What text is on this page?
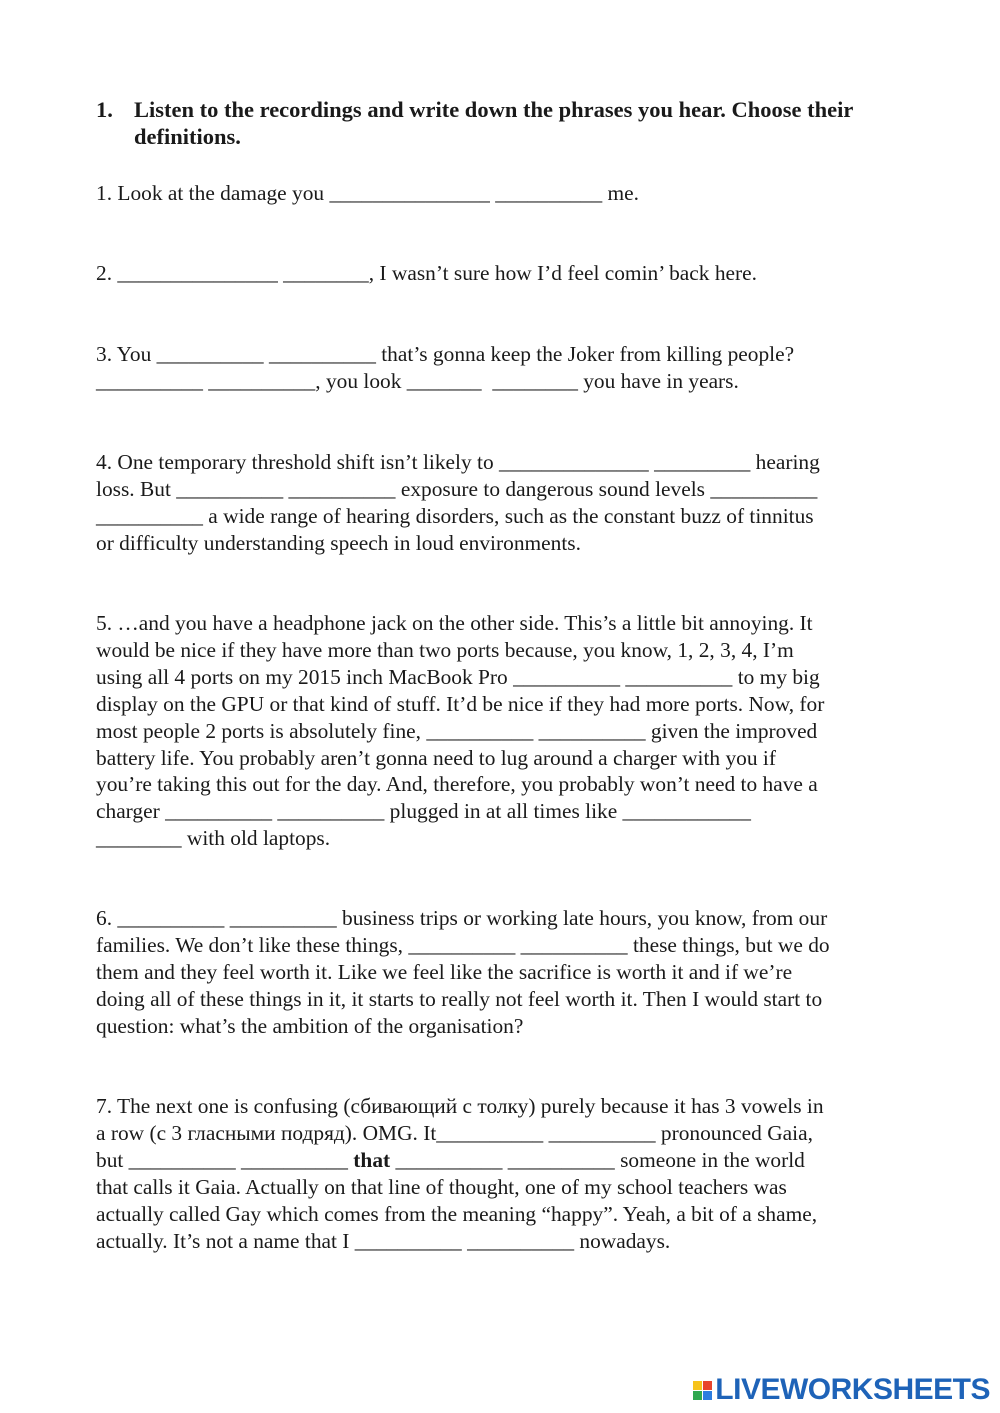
1. Listen to the recordings and write down the phrases you hear. Choose their definitions.

1. Look at the damage you _______________ __________ me.

2. _______________ ________, I wasn’t sure how I’d feel comin’ back here.

3. You __________ __________ that’s gonna keep the Joker from killing people?
__________ __________, you look _______  ________ you have in years.

4. One temporary threshold shift isn’t likely to ______________ _________ hearing
loss. But __________ __________ exposure to dangerous sound levels __________
__________ a wide range of hearing disorders, such as the constant buzz of tinnitus
or difficulty understanding speech in loud environments.

5. …and you have a headphone jack on the other side. This’s a little bit annoying. It
would be nice if they have more than two ports because, you know, 1, 2, 3, 4, I’m
using all 4 ports on my 2015 inch MacBook Pro __________ __________ to my big
display on the GPU or that kind of stuff. It’d be nice if they had more ports. Now, for
most people 2 ports is absolutely fine, __________ __________ given the improved
battery life. You probably aren’t gonna need to lug around a charger with you if
you’re taking this out for the day. And, therefore, you probably won’t need to have a
charger __________ __________ plugged in at all times like ____________
________ with old laptops.

6. __________ __________ business trips or working late hours, you know, from our
families. We don’t like these things, __________ __________ these things, but we do
them and they feel worth it. Like we feel like the sacrifice is worth it and if we’re
doing all of these things in it, it starts to really not feel worth it. Then I would start to
question: what’s the ambition of the organisation?

7. The next one is confusing (сбивающий с толку) purely because it has 3 vowels in
a row (с 3 гласными подряд). OMG. It__________ __________ pronounced Gaia,
but __________ __________ that __________ __________ someone in the world
that calls it Gaia. Actually on that line of thought, one of my school teachers was
actually called Gay which comes from the meaning “happy”. Yeah, a bit of a shame,
actually. It’s not a name that I __________ __________ nowadays.

LIVEWORKSHEETS
